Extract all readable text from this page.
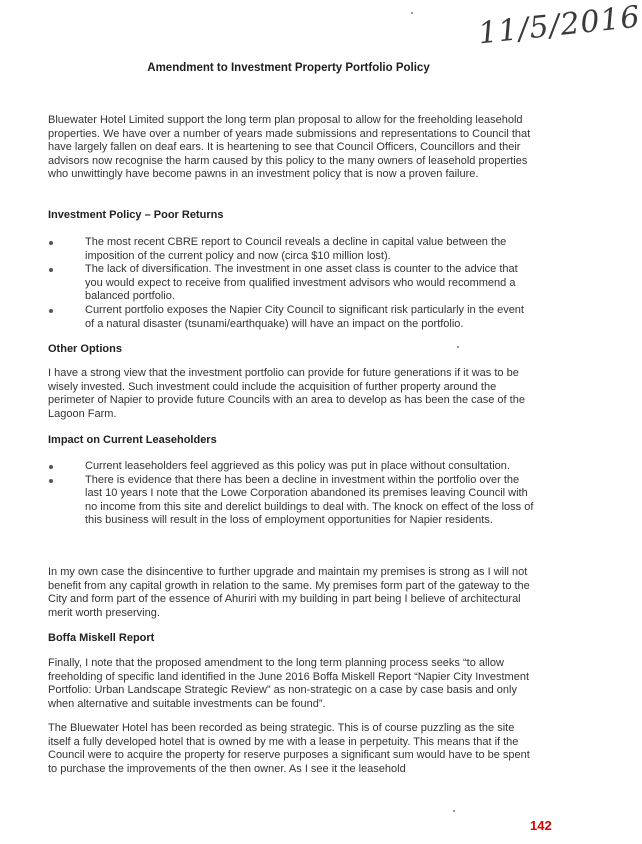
11/5/2016
Amendment to Investment Property Portfolio Policy
Bluewater Hotel Limited support the long term plan proposal to allow for the freeholding leasehold properties. We have over a number of years made submissions and representations to Council that have largely fallen on deaf ears. It is heartening to see that Council Officers, Councillors and their advisors now recognise the harm caused by this policy to the many owners of leasehold properties who unwittingly have become pawns in an investment policy that is now a proven failure.
Investment Policy – Poor Returns
The most recent CBRE report to Council reveals a decline in capital value between the imposition of the current policy and now (circa $10 million lost).
The lack of diversification. The investment in one asset class is counter to the advice that you would expect to receive from qualified investment advisors who would recommend a balanced portfolio.
Current portfolio exposes the Napier City Council to significant risk particularly in the event of a natural disaster (tsunami/earthquake) will have an impact on the portfolio.
Other Options
I have a strong view that the investment portfolio can provide for future generations if it was to be wisely invested. Such investment could include the acquisition of further property around the perimeter of Napier to provide future Councils with an area to develop as has been the case of the Lagoon Farm.
Impact on Current Leaseholders
Current leaseholders feel aggrieved as this policy was put in place without consultation.
There is evidence that there has been a decline in investment within the portfolio over the last 10 years I note that the Lowe Corporation abandoned its premises leaving Council with no income from this site and derelict buildings to deal with. The knock on effect of the loss of this business will result in the loss of employment opportunities for Napier residents.
In my own case the disincentive to further upgrade and maintain my premises is strong as I will not benefit from any capital growth in relation to the same. My premises form part of the gateway to the City and form part of the essence of Ahuriri with my building in part being I believe of architectural merit worth preserving.
Boffa Miskell Report
Finally, I note that the proposed amendment to the long term planning process seeks “to allow freeholding of specific land identified in the June 2016 Boffa Miskell Report “Napier City Investment Portfolio: Urban Landscape Strategic Review” as non-strategic on a case by case basis and only when alternative and suitable investments can be found”.
The Bluewater Hotel has been recorded as being strategic. This is of course puzzling as the site itself a fully developed hotel that is owned by me with a lease in perpetuity. This means that if the Council were to acquire the property for reserve purposes a significant sum would have to be spent to purchase the improvements of the then owner. As I see it the leasehold
142
